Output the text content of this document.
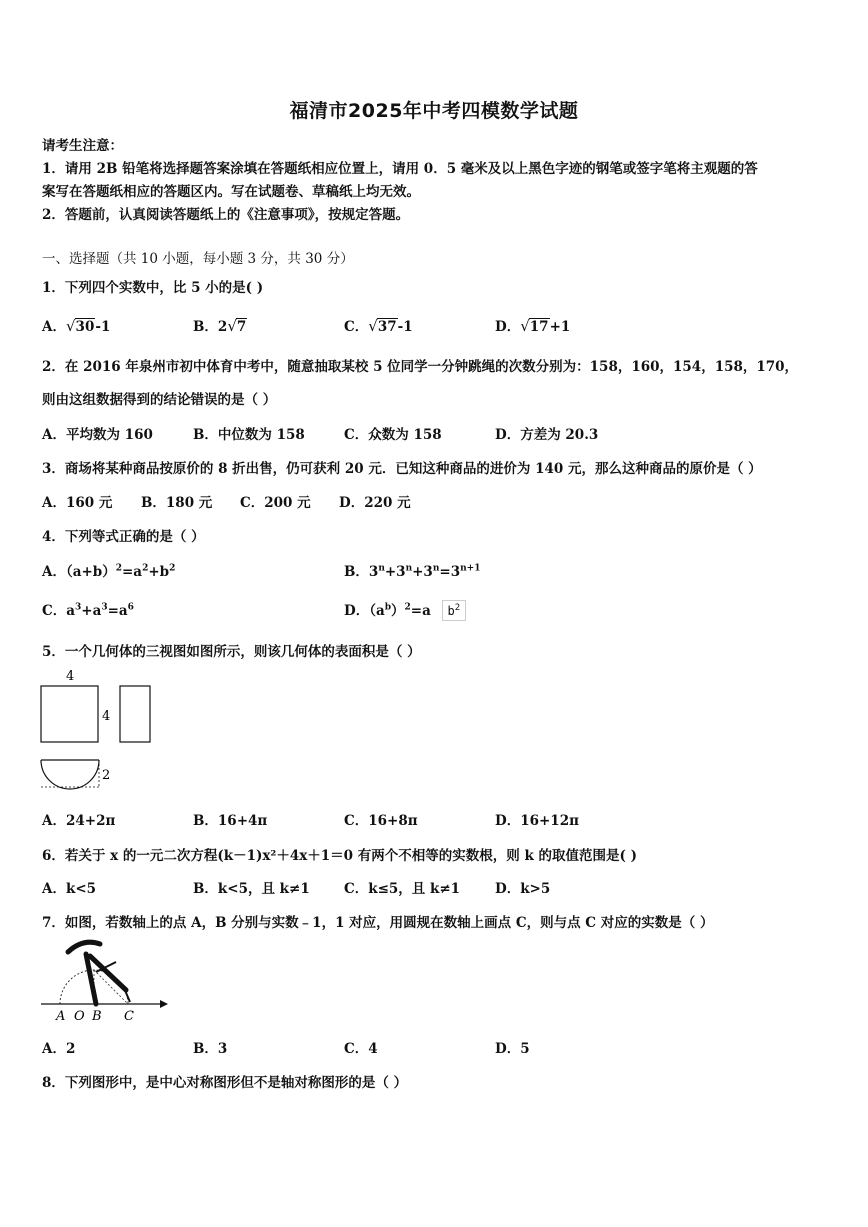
福清市2025年中考四模数学试题
请考生注意：
1．请用 2B 铅笔将选择题答案涂填在答题纸相应位置上，请用 0．5 毫米及以上黑色字迹的钢笔或签字笔将主观题的答
案写在答题纸相应的答题区内。写在试题卷、草稿纸上均无效。
2．答题前，认真阅读答题纸上的《注意事项》，按规定答题。
一、选择题（共 10 小题，每小题 3 分，共 30 分）
1．下列四个实数中，比 5 小的是( )
A．√30-1	B．2√7	C．√37-1	D．√17+1
2．在 2016 年泉州市初中体育中考中，随意抽取某校 5 位同学一分钟跳绳的次数分别为：158，160，154，158，170，
则由这组数据得到的结论错误的是（ ）
A．平均数为 160	B．中位数为 158	C．众数为 158	D．方差为 20.3
3．商场将某种商品按原价的 8 折出售，仍可获利 20 元．已知这种商品的进价为 140 元，那么这种商品的原价是（ ）
A．160 元 B．180 元 C．200 元 D．220 元
4．下列等式正确的是（ ）
A．$(a+b)^2=a^2+b^2$	B．$3^n+3^n+3^n=3^{n+1}$
C．$a^3+a^3=a^6$	D．$(a^b)^2=a$ $b^2$
5．一个几何体的三视图如图所示，则该几何体的表面积是（ ）
4
4
2
A．24+2π	B．16+4π	C．16+8π	D．16+12π
6．若关于 x 的一元二次方程(k－1)x²＋4x＋1＝0 有两个不相等的实数根，则 k 的取值范围是( )
A．k<5	B．k<5，且 k≠1	C．k≤5，且 k≠1	D．k>5
7．如图，若数轴上的点 A，B 分别与实数﹣1，1 对应，用圆规在数轴上画点 C，则与点 C 对应的实数是（ ）
A O B C
A．2	B．3	C．4	D．5
8．下列图形中，是中心对称图形但不是轴对称图形的是（ ）
